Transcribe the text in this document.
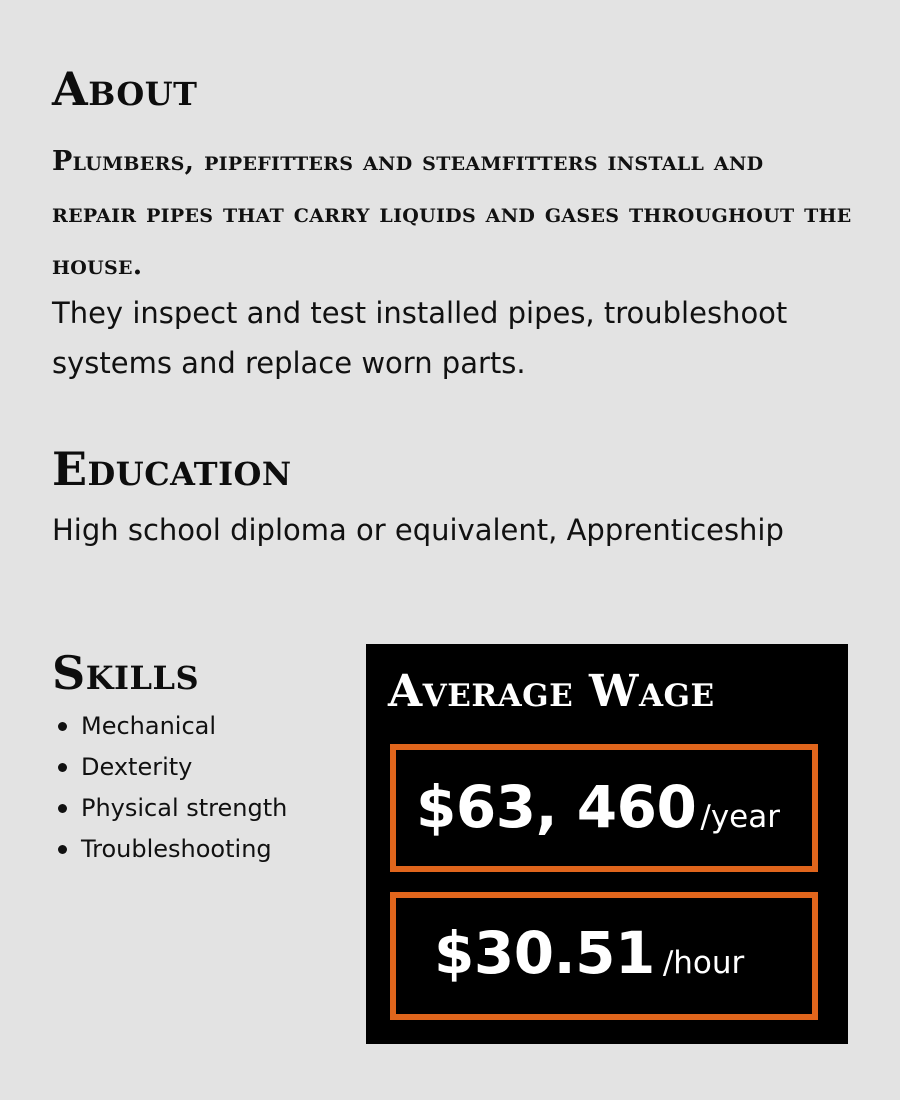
About

Plumbers, pipefitters and steamfitters install and repair pipes that carry liquids and gases throughout the house.

They inspect and test installed pipes, troubleshoot systems and replace worn parts.

Education

High school diploma or equivalent, Apprenticeship

Skills
Mechanical
Dexterity
Physical strength
Troubleshooting
Average Wage
$63, 460 /year
$30.51 /hour
